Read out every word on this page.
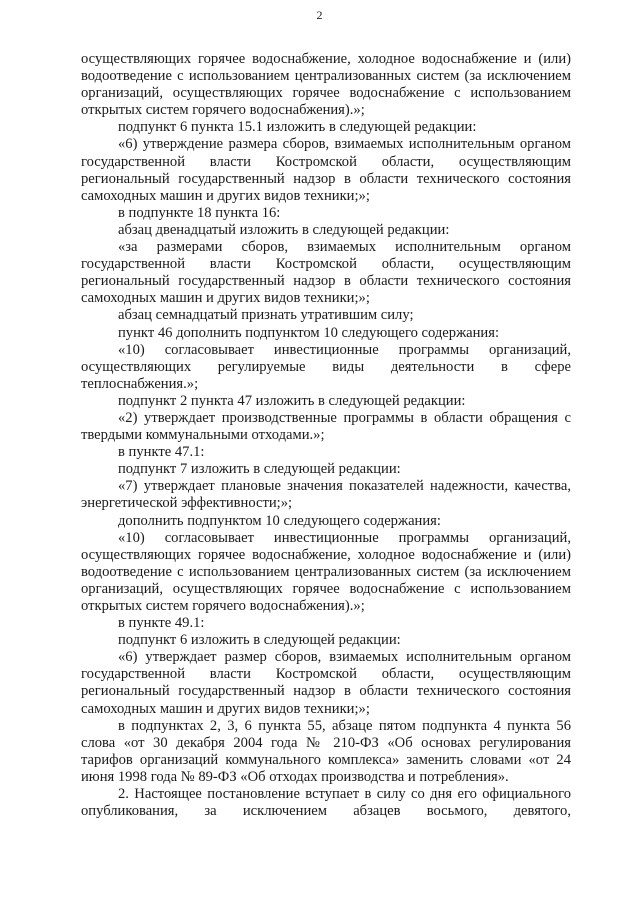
2

осуществляющих горячее водоснабжение, холодное водоснабжение и (или) водоотведение с использованием централизованных систем (за исключением организаций, осуществляющих горячее водоснабжение с использованием открытых систем горячего водоснабжения).»;

подпункт 6 пункта 15.1 изложить в следующей редакции:

«6) утверждение размера сборов, взимаемых исполнительным органом государственной власти Костромской области, осуществляющим региональный государственный надзор в области технического состояния самоходных машин и других видов техники;»;

в подпункте 18 пункта 16:

абзац двенадцатый изложить в следующей редакции:

«за размерами сборов, взимаемых исполнительным органом государственной власти Костромской области, осуществляющим региональный государственный надзор в области технического состояния самоходных машин и других видов техники;»;

абзац семнадцатый признать утратившим силу;

пункт 46 дополнить подпунктом 10 следующего содержания:

«10) согласовывает инвестиционные программы организаций, осуществляющих регулируемые виды деятельности в сфере теплоснабжения.»;

подпункт 2 пункта 47 изложить в следующей редакции:

«2) утверждает производственные программы в области обращения с твердыми коммунальными отходами.»;

в пункте 47.1:

подпункт 7 изложить в следующей редакции:

«7) утверждает плановые значения показателей надежности, качества, энергетической эффективности;»;

дополнить подпунктом 10 следующего содержания:

«10) согласовывает инвестиционные программы организаций, осуществляющих горячее водоснабжение, холодное водоснабжение и (или) водоотведение с использованием централизованных систем (за исключением организаций, осуществляющих горячее водоснабжение с использованием открытых систем горячего водоснабжения).»;

в пункте 49.1:

подпункт 6 изложить в следующей редакции:

«6) утверждает размер сборов, взимаемых исполнительным органом государственной власти Костромской области, осуществляющим региональный государственный надзор в области технического состояния самоходных машин и других видов техники;»;

в подпунктах 2, 3, 6 пункта 55, абзаце пятом подпункта 4 пункта 56 слова «от 30 декабря 2004 года № 210-ФЗ «Об основах регулирования тарифов организаций коммунального комплекса» заменить словами «от 24 июня 1998 года № 89-ФЗ «Об отходах производства и потребления».

2. Настоящее постановление вступает в силу со дня его официального опубликования, за исключением абзацев восьмого, девятого,
